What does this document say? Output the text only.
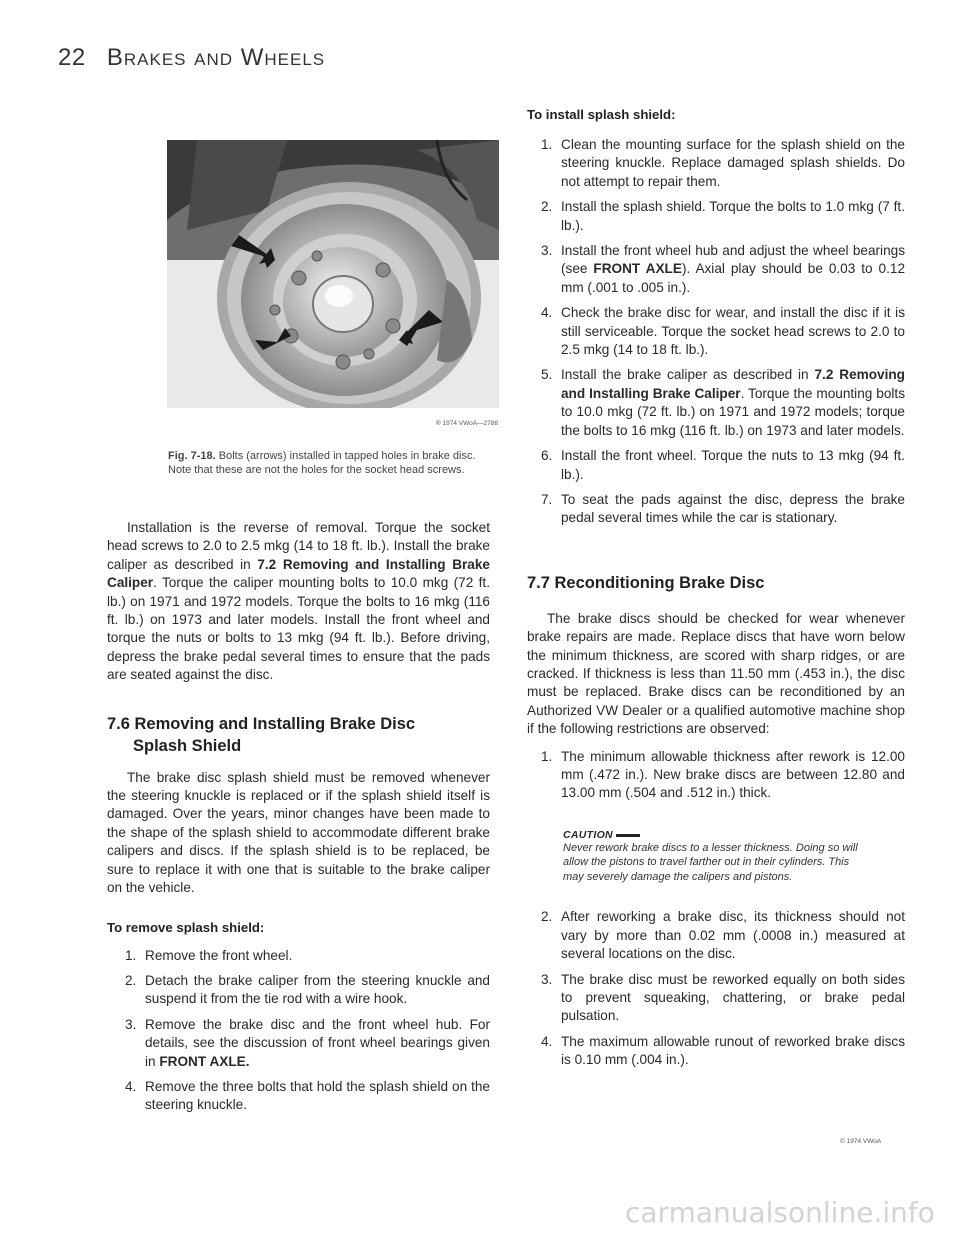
22 Brakes and Wheels
® 1974 VWoA—2788
Fig. 7-18. Bolts (arrows) installed in tapped holes in brake disc. Note that these are not the holes for the socket head screws.

Installation is the reverse of removal. Torque the socket head screws to 2.0 to 2.5 mkg (14 to 18 ft. lb.). Install the brake caliper as described in 7.2 Removing and Installing Brake Caliper. Torque the caliper mounting bolts to 10.0 mkg (72 ft. lb.) on 1971 and 1972 models. Torque the bolts to 16 mkg (116 ft. lb.) on 1973 and later models. Install the front wheel and torque the nuts or bolts to 13 mkg (94 ft. lb.). Before driving, depress the brake pedal several times to ensure that the pads are seated against the disc.

7.6 Removing and Installing Brake Disc
Splash Shield

The brake disc splash shield must be removed whenever the steering knuckle is replaced or if the splash shield itself is damaged. Over the years, minor changes have been made to the shape of the splash shield to accommodate different brake calipers and discs. If the splash shield is to be replaced, be sure to replace it with one that is suitable to the brake caliper on the vehicle.

To remove splash shield:

1. Remove the front wheel.
2. Detach the brake caliper from the steering knuckle and suspend it from the tie rod with a wire hook.
3. Remove the brake disc and the front wheel hub. For details, see the discussion of front wheel bearings given in FRONT AXLE.
4. Remove the three bolts that hold the splash shield on the steering knuckle.

To install splash shield:

1. Clean the mounting surface for the splash shield on the steering knuckle. Replace damaged splash shields. Do not attempt to repair them.
2. Install the splash shield. Torque the bolts to 1.0 mkg (7 ft. lb.).
3. Install the front wheel hub and adjust the wheel bearings (see FRONT AXLE). Axial play should be 0.03 to 0.12 mm (.001 to .005 in.).
4. Check the brake disc for wear, and install the disc if it is still serviceable. Torque the socket head screws to 2.0 to 2.5 mkg (14 to 18 ft. lb.).
5. Install the brake caliper as described in 7.2 Removing and Installing Brake Caliper. Torque the mounting bolts to 10.0 mkg (72 ft. lb.) on 1971 and 1972 models; torque the bolts to 16 mkg (116 ft. lb.) on 1973 and later models.
6. Install the front wheel. Torque the nuts to 13 mkg (94 ft. lb.).
7. To seat the pads against the disc, depress the brake pedal several times while the car is stationary.

7.7 Reconditioning Brake Disc

The brake discs should be checked for wear whenever brake repairs are made. Replace discs that have worn below the minimum thickness, are scored with sharp ridges, or are cracked. If thickness is less than 11.50 mm (.453 in.), the disc must be replaced. Brake discs can be reconditioned by an Authorized VW Dealer or a qualified automotive machine shop if the following restrictions are observed:

1. The minimum allowable thickness after rework is 12.00 mm (.472 in.). New brake discs are between 12.80 and 13.00 mm (.504 and .512 in.) thick.
CAUTION

Never rework brake discs to a lesser thickness. Doing so will allow the pistons to travel farther out in their cylinders. This may severely damage the calipers and pistons.

2. After reworking a brake disc, its thickness should not vary by more than 0.02 mm (.0008 in.) measured at several locations on the disc.
3. The brake disc must be reworked equally on both sides to prevent squeaking, chattering, or brake pedal pulsation.
4. The maximum allowable runout of reworked brake discs is 0.10 mm (.004 in.).
© 1974 VWoA
carmanualsonline.info
